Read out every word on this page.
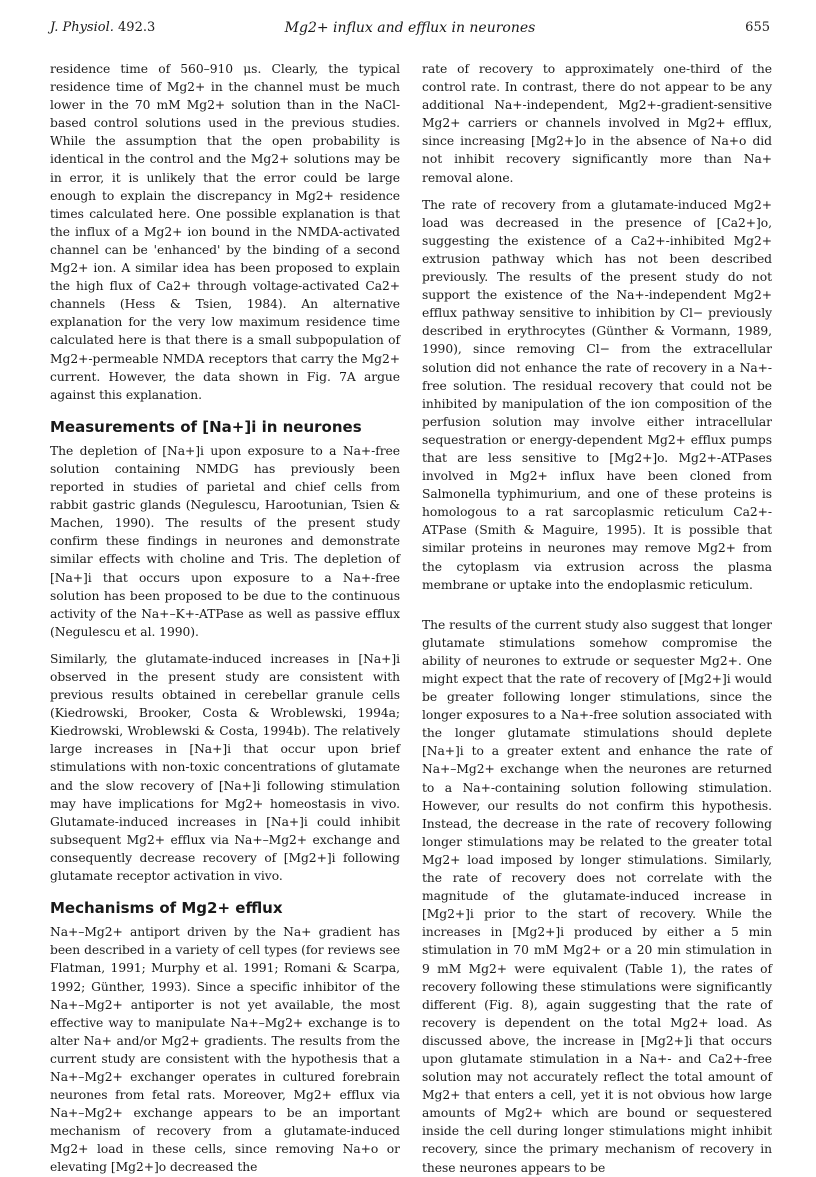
J. Physiol. 492.3	Mg2+ influx and efflux in neurones	655

residence time of 560–910 μs. Clearly, the typical residence time of Mg2+ in the channel must be much lower in the 70 mM Mg2+ solution than in the NaCl-based control solutions used in the previous studies. While the assumption that the open probability is identical in the control and the Mg2+ solutions may be in error, it is unlikely that the error could be large enough to explain the discrepancy in Mg2+ residence times calculated here. One possible explanation is that the influx of a Mg2+ ion bound in the NMDA-activated channel can be 'enhanced' by the binding of a second Mg2+ ion. A similar idea has been proposed to explain the high flux of Ca2+ through voltage-activated Ca2+ channels (Hess & Tsien, 1984). An alternative explanation for the very low maximum residence time calculated here is that there is a small subpopulation of Mg2+-permeable NMDA receptors that carry the Mg2+ current. However, the data shown in Fig. 7A argue against this explanation.

Measurements of [Na+]i in neurones

The depletion of [Na+]i upon exposure to a Na+-free solution containing NMDG has previously been reported in studies of parietal and chief cells from rabbit gastric glands (Negulescu, Harootunian, Tsien & Machen, 1990). The results of the present study confirm these findings in neurones and demonstrate similar effects with choline and Tris. The depletion of [Na+]i that occurs upon exposure to a Na+-free solution has been proposed to be due to the continuous activity of the Na+–K+-ATPase as well as passive efflux (Negulescu et al. 1990).

Similarly, the glutamate-induced increases in [Na+]i observed in the present study are consistent with previous results obtained in cerebellar granule cells (Kiedrowski, Brooker, Costa & Wroblewski, 1994a; Kiedrowski, Wroblewski & Costa, 1994b). The relatively large increases in [Na+]i that occur upon brief stimulations with non-toxic concentrations of glutamate and the slow recovery of [Na+]i following stimulation may have implications for Mg2+ homeostasis in vivo. Glutamate-induced increases in [Na+]i could inhibit subsequent Mg2+ efflux via Na+–Mg2+ exchange and consequently decrease recovery of [Mg2+]i following glutamate receptor activation in vivo.

Mechanisms of Mg2+ efflux

Na+–Mg2+ antiport driven by the Na+ gradient has been described in a variety of cell types (for reviews see Flatman, 1991; Murphy et al. 1991; Romani & Scarpa, 1992; Günther, 1993). Since a specific inhibitor of the Na+–Mg2+ antiporter is not yet available, the most effective way to manipulate Na+–Mg2+ exchange is to alter Na+ and/or Mg2+ gradients. The results from the current study are consistent with the hypothesis that a Na+–Mg2+ exchanger operates in cultured forebrain neurones from fetal rats. Moreover, Mg2+ efflux via Na+–Mg2+ exchange appears to be an important mechanism of recovery from a glutamate-induced Mg2+ load in these cells, since removing Na+o or elevating [Mg2+]o decreased the

rate of recovery to approximately one-third of the control rate. In contrast, there do not appear to be any additional Na+-independent, Mg2+-gradient-sensitive Mg2+ carriers or channels involved in Mg2+ efflux, since increasing [Mg2+]o in the absence of Na+o did not inhibit recovery significantly more than Na+ removal alone.

The rate of recovery from a glutamate-induced Mg2+ load was decreased in the presence of [Ca2+]o, suggesting the existence of a Ca2+-inhibited Mg2+ extrusion pathway which has not been described previously. The results of the present study do not support the existence of the Na+-independent Mg2+ efflux pathway sensitive to inhibition by Cl− previously described in erythrocytes (Günther & Vormann, 1989, 1990), since removing Cl− from the extracellular solution did not enhance the rate of recovery in a Na+-free solution. The residual recovery that could not be inhibited by manipulation of the ion composition of the perfusion solution may involve either intracellular sequestration or energy-dependent Mg2+ efflux pumps that are less sensitive to [Mg2+]o. Mg2+-ATPases involved in Mg2+ influx have been cloned from Salmonella typhimurium, and one of these proteins is homologous to a rat sarcoplasmic reticulum Ca2+-ATPase (Smith & Maguire, 1995). It is possible that similar proteins in neurones may remove Mg2+ from the cytoplasm via extrusion across the plasma membrane or uptake into the endoplasmic reticulum.

The results of the current study also suggest that longer glutamate stimulations somehow compromise the ability of neurones to extrude or sequester Mg2+. One might expect that the rate of recovery of [Mg2+]i would be greater following longer stimulations, since the longer exposures to a Na+-free solution associated with the longer glutamate stimulations should deplete [Na+]i to a greater extent and enhance the rate of Na+–Mg2+ exchange when the neurones are returned to a Na+-containing solution following stimulation. However, our results do not confirm this hypothesis. Instead, the decrease in the rate of recovery following longer stimulations may be related to the greater total Mg2+ load imposed by longer stimulations. Similarly, the rate of recovery does not correlate with the magnitude of the glutamate-induced increase in [Mg2+]i prior to the start of recovery. While the increases in [Mg2+]i produced by either a 5 min stimulation in 70 mM Mg2+ or a 20 min stimulation in 9 mM Mg2+ were equivalent (Table 1), the rates of recovery following these stimulations were significantly different (Fig. 8), again suggesting that the rate of recovery is dependent on the total Mg2+ load. As discussed above, the increase in [Mg2+]i that occurs upon glutamate stimulation in a Na+- and Ca2+-free solution may not accurately reflect the total amount of Mg2+ that enters a cell, yet it is not obvious how large amounts of Mg2+ which are bound or sequestered inside the cell during longer stimulations might inhibit recovery, since the primary mechanism of recovery in these neurones appears to be
